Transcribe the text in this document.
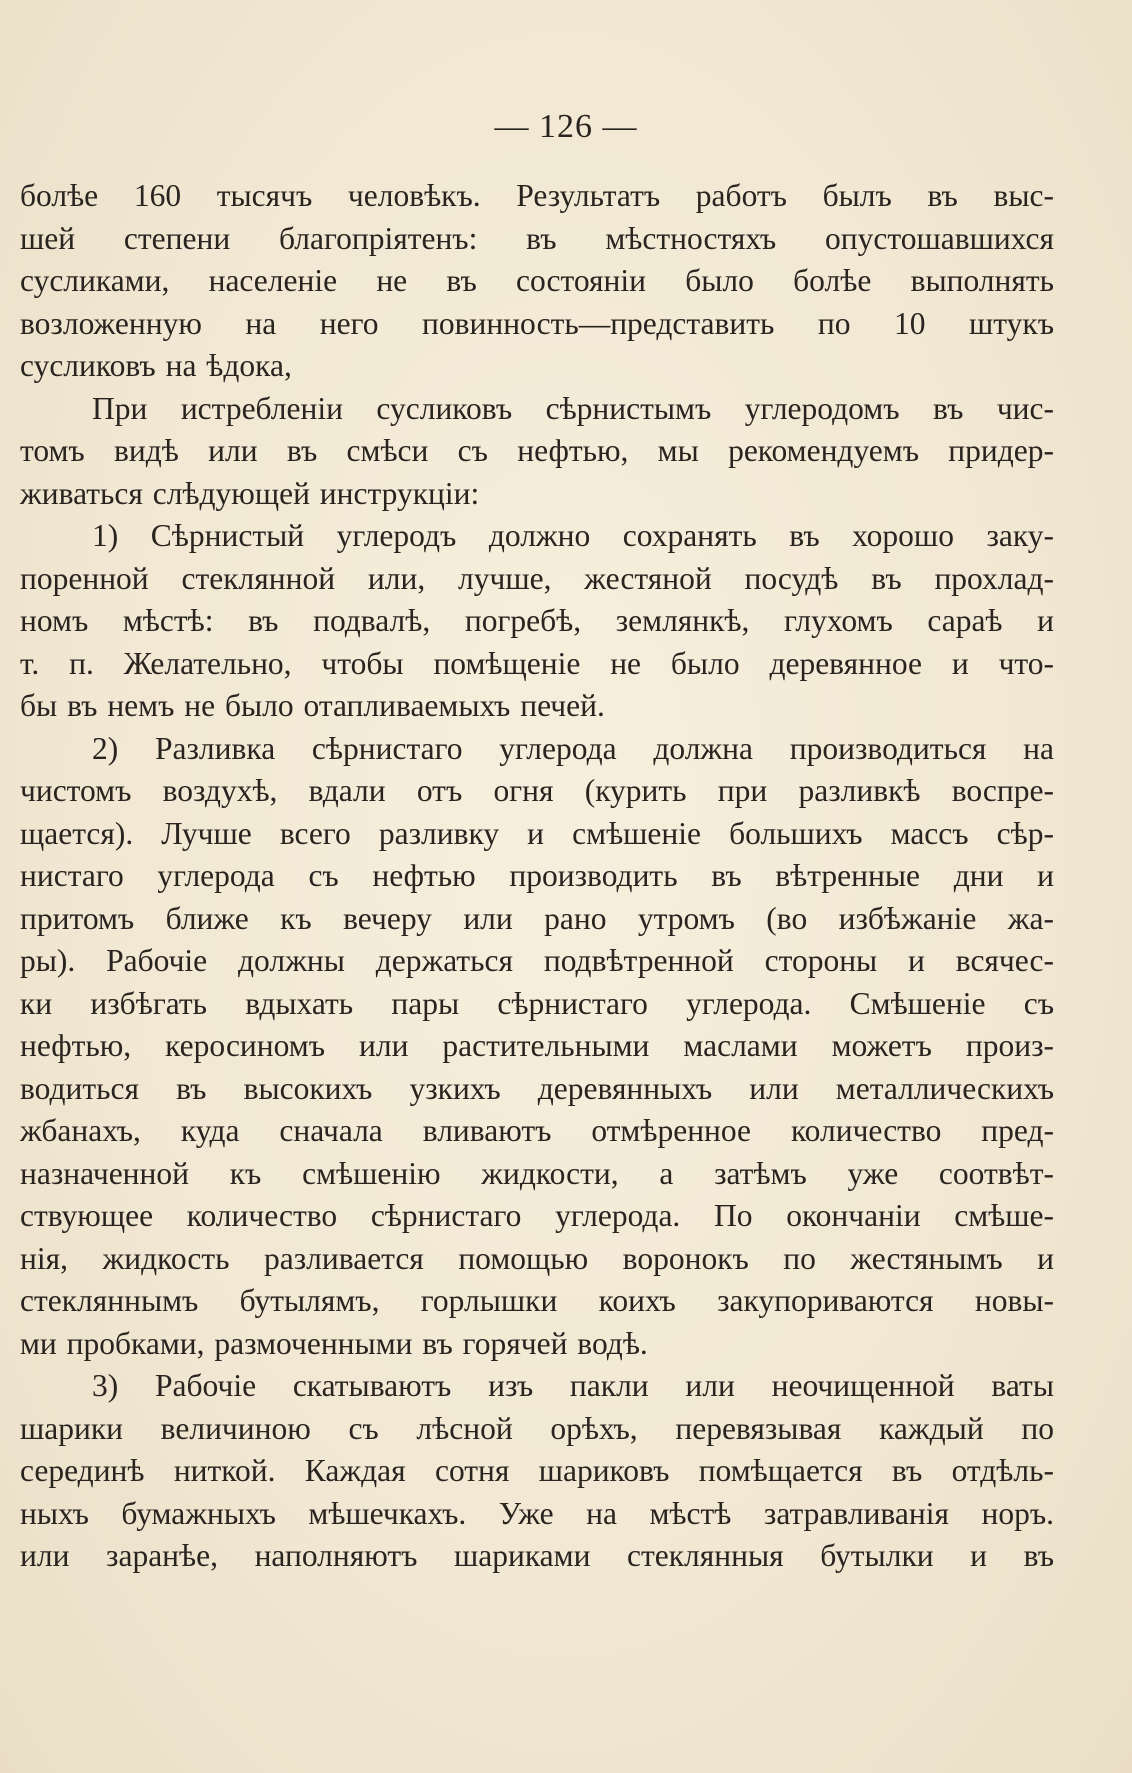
— 126 —
болѣе 160 тысячъ человѣкъ. Результатъ работъ былъ въ выс-
шей степени благопріятенъ: въ мѣстностяхъ опустошавшихся
сусликами, населеніе не въ состояніи было болѣе выполнять
возложенную на него повинность—представить по 10 штукъ
сусликовъ на ѣдока,
При истребленіи сусликовъ сѣрнистымъ углеродомъ въ чис-
томъ видѣ или въ смѣси съ нефтью, мы рекомендуемъ придер-
живаться слѣдующей инструкціи:
1) Сѣрнистый углеродъ должно сохранять въ хорошо заку-
поренной стеклянной или, лучше, жестяной посудѣ въ прохлад-
номъ мѣстѣ: въ подвалѣ, погребѣ, землянкѣ, глухомъ сараѣ и
т. п. Желательно, чтобы помѣщеніе не было деревянное и что-
бы въ немъ не было отапливаемыхъ печей.
2) Разливка сѣрнистаго углерода должна производиться на
чистомъ воздухѣ, вдали отъ огня (курить при разливкѣ воспре-
щается). Лучше всего разливку и смѣшеніе большихъ массъ сѣр-
нистаго углерода съ нефтью производить въ вѣтренные дни и
притомъ ближе къ вечеру или рано утромъ (во избѣжаніе жа-
ры). Рабочіе должны держаться подвѣтренной стороны и всячес-
ки избѣгать вдыхать пары сѣрнистаго углерода. Смѣшеніе съ
нефтью, керосиномъ или растительными маслами можетъ произ-
водиться въ высокихъ узкихъ деревянныхъ или металлическихъ
жбанахъ, куда сначала вливаютъ отмѣренное количество пред-
назначенной къ смѣшенію жидкости, а затѣмъ уже соотвѣт-
ствующее количество сѣрнистаго углерода. По окончаніи смѣше-
нія, жидкость разливается помощью воронокъ по жестянымъ и
стекляннымъ бутылямъ, горлышки коихъ закупориваются новы-
ми пробками, размоченными въ горячей водѣ.
3) Рабочіе скатываютъ изъ пакли или неочищенной ваты
шарики величиною съ лѣсной орѣхъ, перевязывая каждый по
серединѣ ниткой. Каждая сотня шариковъ помѣщается въ отдѣль-
ныхъ бумажныхъ мѣшечкахъ. Уже на мѣстѣ затравливанія норъ.
или заранѣе, наполняютъ шариками стеклянныя бутылки и въ
